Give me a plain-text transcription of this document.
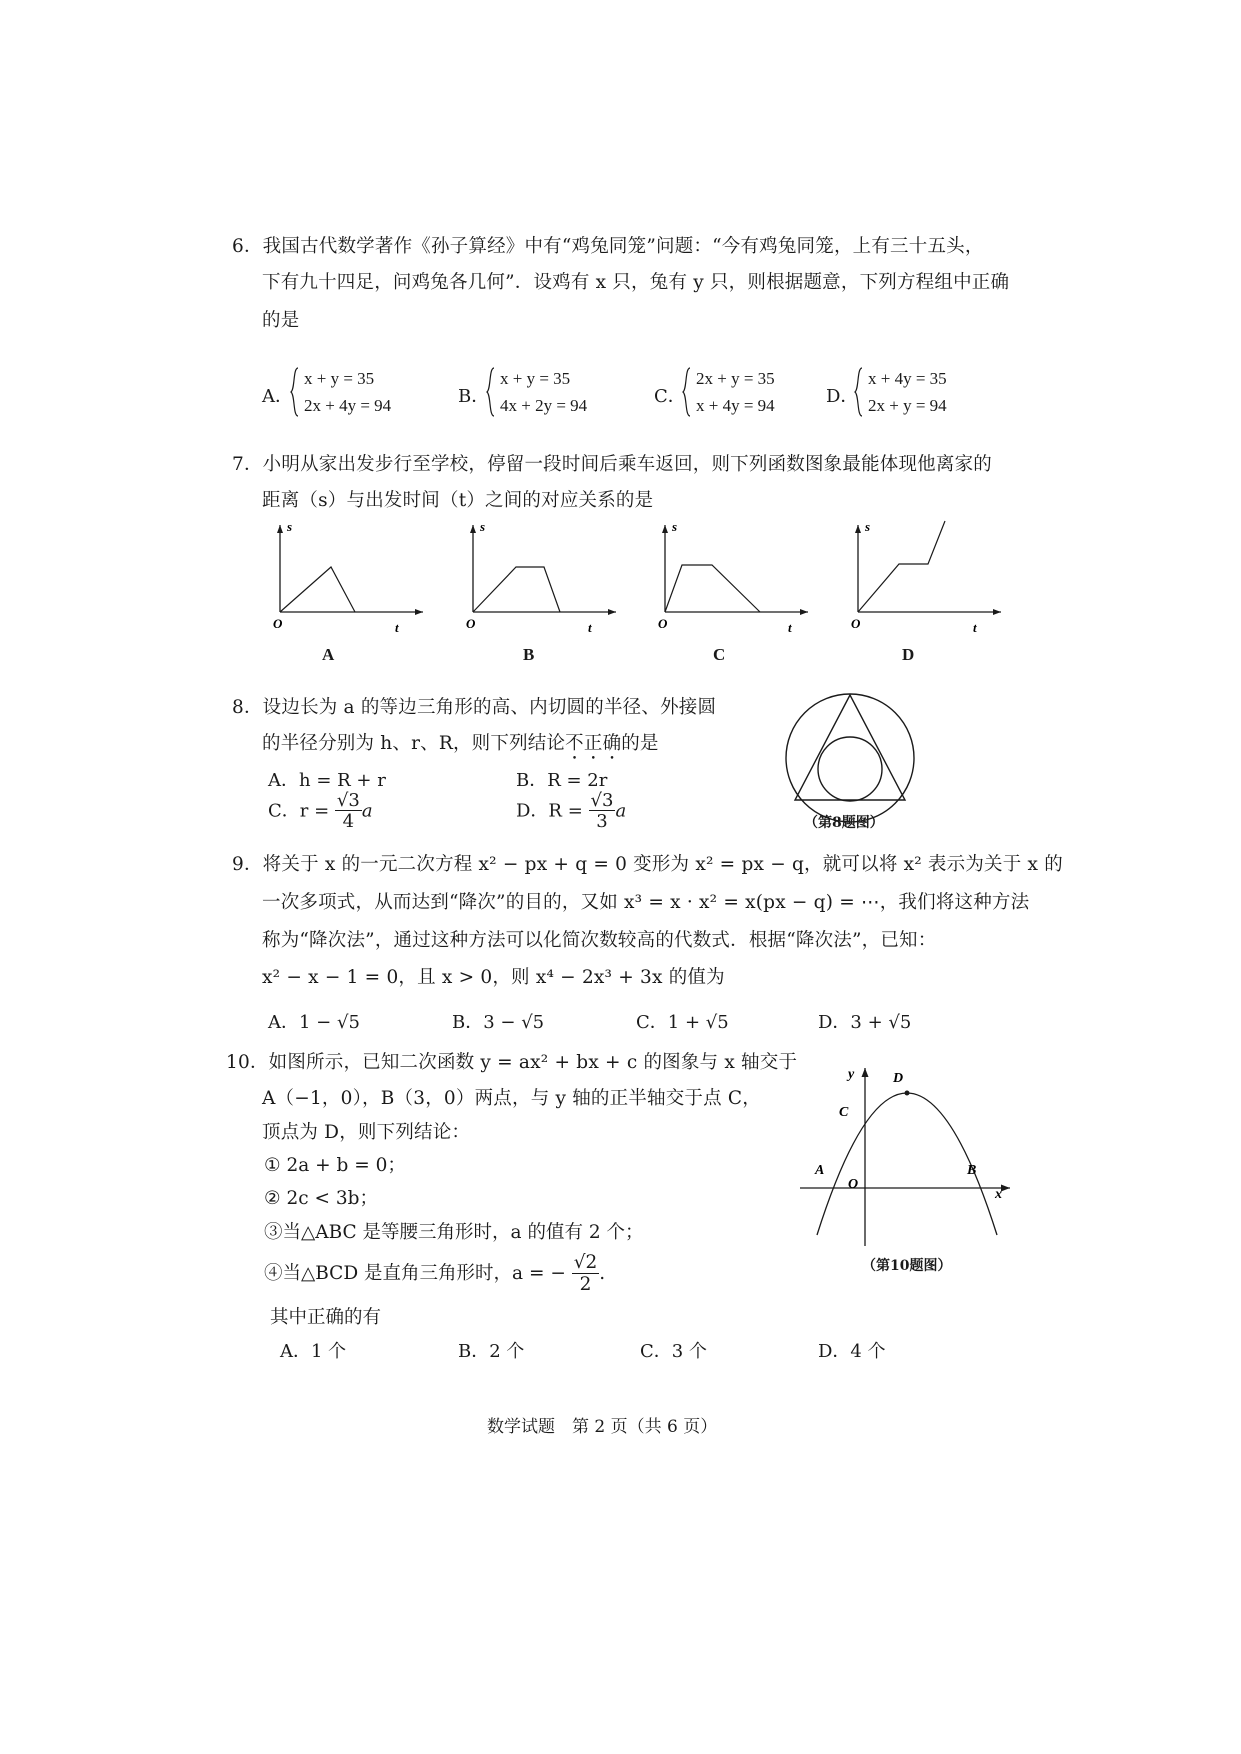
6．我国古代数学著作《孙子算经》中有“鸡兔同笼”问题：“今有鸡兔同笼，上有三十五头，
下有九十四足，问鸡兔各几何”．设鸡有 x 只，兔有 y 只，则根据题意，下列方程组中正确
的是
A．
x + y = 35
2x + 4y = 94	B．
x + y = 35
4x + 2y = 94	C．
2x + y = 35
x + 4y = 94	D．
x + 4y = 35
2x + y = 94
7．小明从家出发步行至学校，停留一段时间后乘车返回，则下列函数图象最能体现他离家的
距离（s）与出发时间（t）之间的对应关系的是
s
O	t
A
s
O	t
B
s
O	t
C
s
O	t
D
8．设边长为 a 的等边三角形的高、内切圆的半径、外接圆
的半径分别为 h、r、R，则下列结论不正确的是
A．h = R + r	B．R = 2r
C．$r = \frac{√3}{4}$ a	D．$R = \frac{√3}{3}$ a
（第8题图）
9．将关于 x 的一元二次方程 x² − px + q = 0 变形为 x² = px − q，就可以将 x² 表示为关于 x 的
一次多项式，从而达到“降次”的目的，又如 x³ = x · x² = x(px − q) = ⋯，我们将这种方法
称为“降次法”，通过这种方法可以化简次数较高的代数式．根据“降次法”，已知：
x² − x − 1 = 0，且 x > 0，则 x⁴ − 2x³ + 3x 的值为
A．1 − √5	B．3 − √5	C．1 + √5	D．3 + √5
10．如图所示，已知二次函数 y = ax² + bx + c 的图象与 x 轴交于
A（−1，0），B（3，0）两点，与 y 轴的正半轴交于点 C，
顶点为 D，则下列结论：
① 2a + b = 0；
② 2c < 3b；
③当△ABC 是等腰三角形时，a 的值有 2 个；
④当△BCD 是直角三角形时，a = − $\frac{√2}{2}$ .
其中正确的有
A．1 个	B．2 个	C．3 个	D．4 个
y
x
O
A	B
C
D
（第10题图）
数学试题　第 2 页（共 6 页）
